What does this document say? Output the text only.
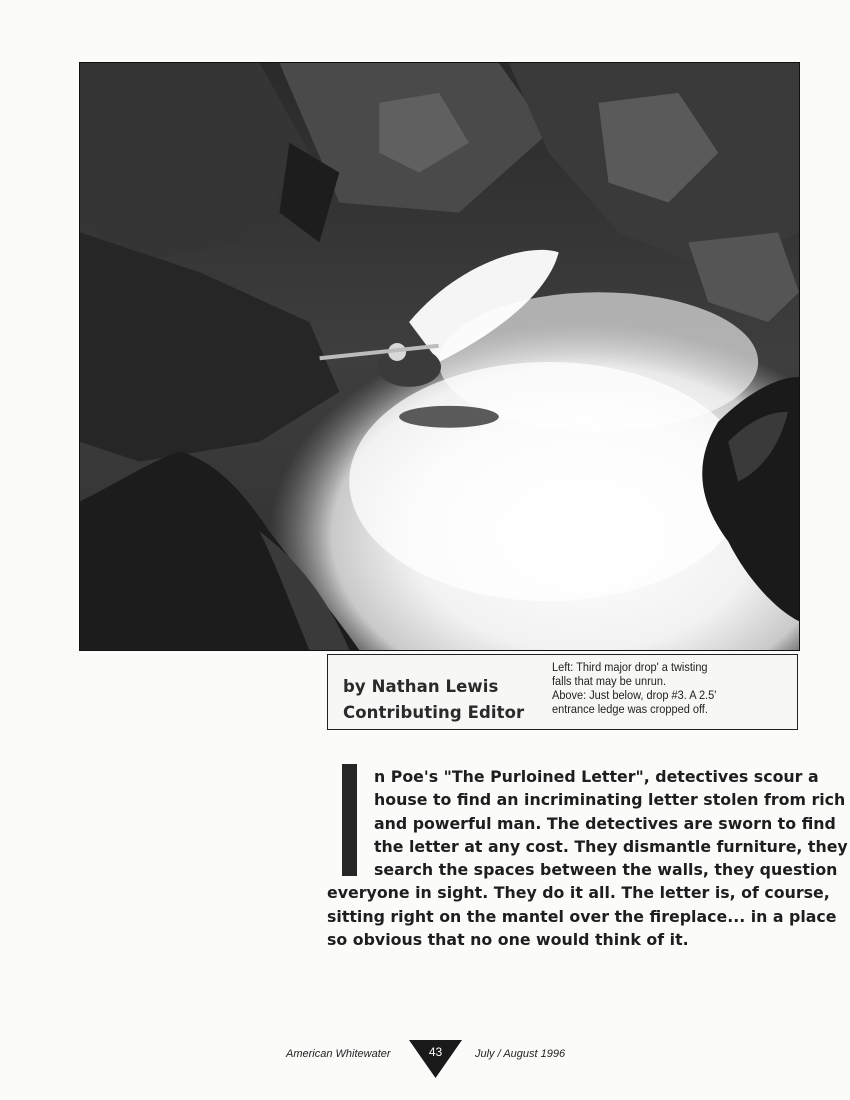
by Nathan Lewis
Contributing Editor
Left: Third major drop' a twisting
falls that may be unrun.
Above: Just below, drop #3. A 2.5'
entrance ledge was cropped off.
n Poe's "The Purloined Letter", detectives scour a
house to find an incriminating letter stolen from rich
and powerful man. The detectives are sworn to find
the letter at any cost. They dismantle furniture, they
search the spaces between the walls, they question
everyone in sight. They do it all. The letter is, of course,
sitting right on the mantel over the fireplace... in a place
so obvious that no one would think of it.
American Whitewater	43	July / August 1996
